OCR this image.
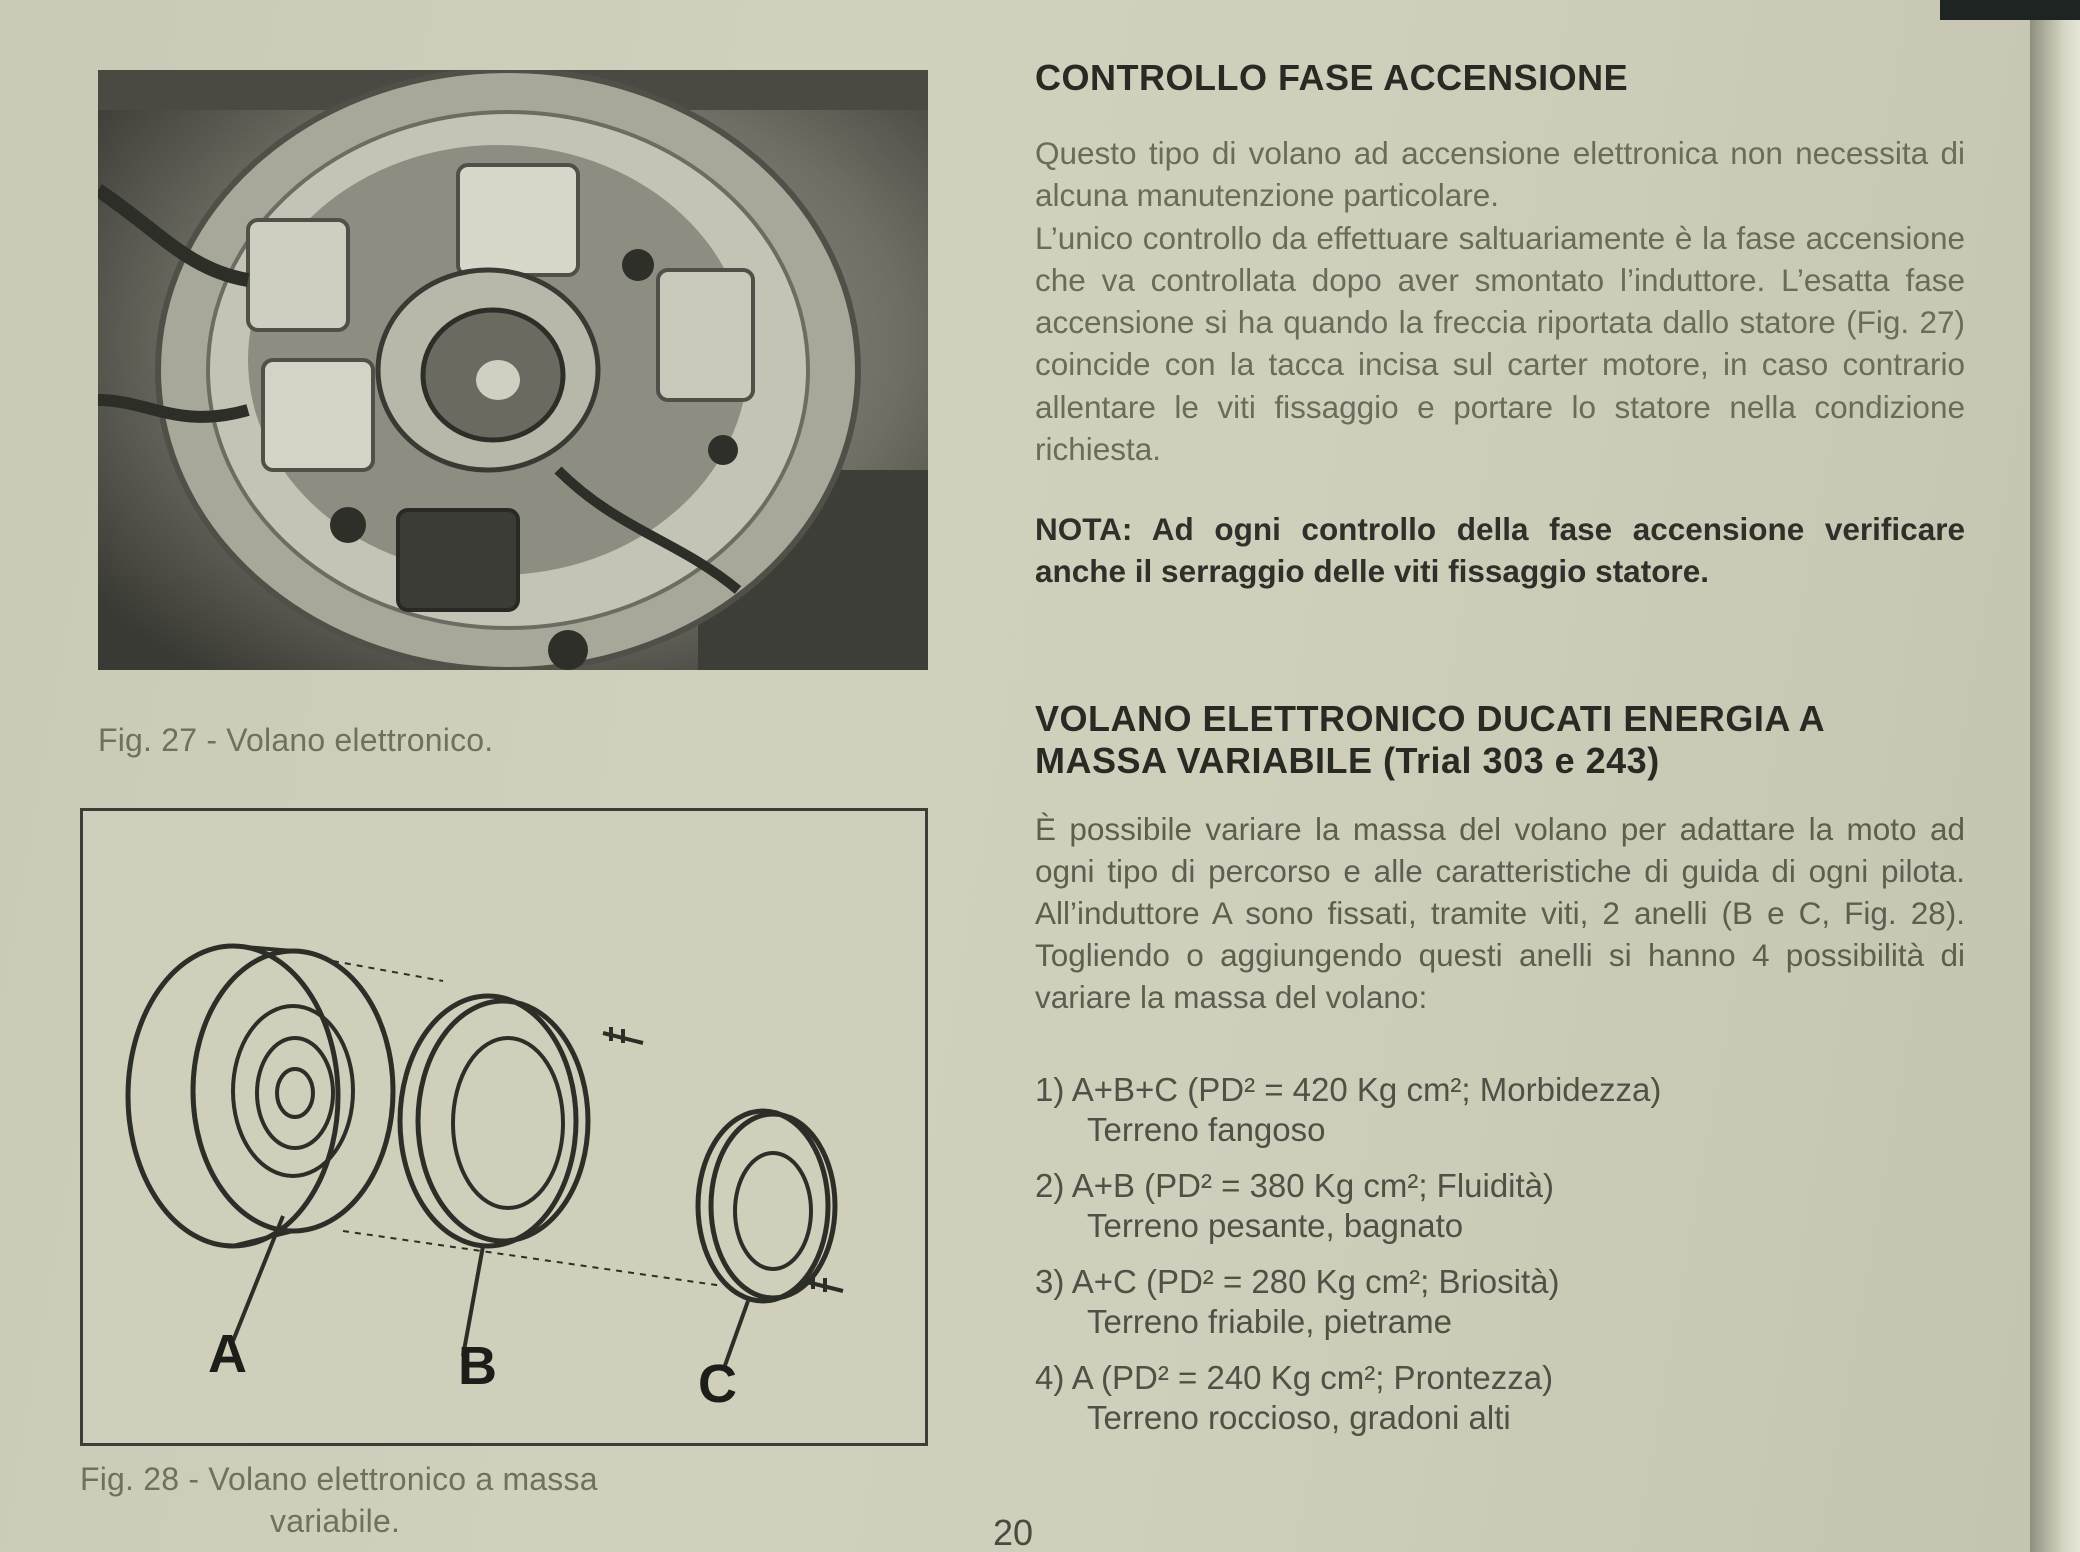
Fig. 27 - Volano elettronico.
A	B	C
Fig. 28 - Volano elettronico a massa
variabile.
CONTROLLO FASE ACCENSIONE

Questo tipo di volano ad accensione elettronica non necessita di alcuna manutenzione particolare.

L’unico controllo da effettuare saltuariamente è la fase accensione che va controllata dopo aver smontato l’induttore. L’esatta fase accensione si ha quando la freccia riportata dallo statore (Fig. 27) coincide con la tacca incisa sul carter motore, in caso contrario allentare le viti fissaggio e portare lo statore nella condizione richiesta.

NOTA: Ad ogni controllo della fase accensione verificare anche il serraggio delle viti fissaggio statore.
VOLANO ELETTRONICO DUCATI ENERGIA A MASSA VARIABILE (Trial 303 e 243)
È possibile variare la massa del volano per adattare la moto ad ogni tipo di percorso e alle caratteristiche di guida di ogni pilota. All’induttore A sono fissati, tramite viti, 2 anelli (B e C, Fig. 28). Togliendo o aggiungendo questi anelli si hanno 4 possibilità di variare la massa del volano:
1) A+B+C (PD² = 420 Kg cm²; Morbidezza)
Terreno fangoso
2) A+B (PD² = 380 Kg cm²; Fluidità)
Terreno pesante, bagnato
3) A+C (PD² = 280 Kg cm²; Briosità)
Terreno friabile, pietrame
4) A (PD² = 240 Kg cm²; Prontezza)
Terreno roccioso, gradoni alti
20
